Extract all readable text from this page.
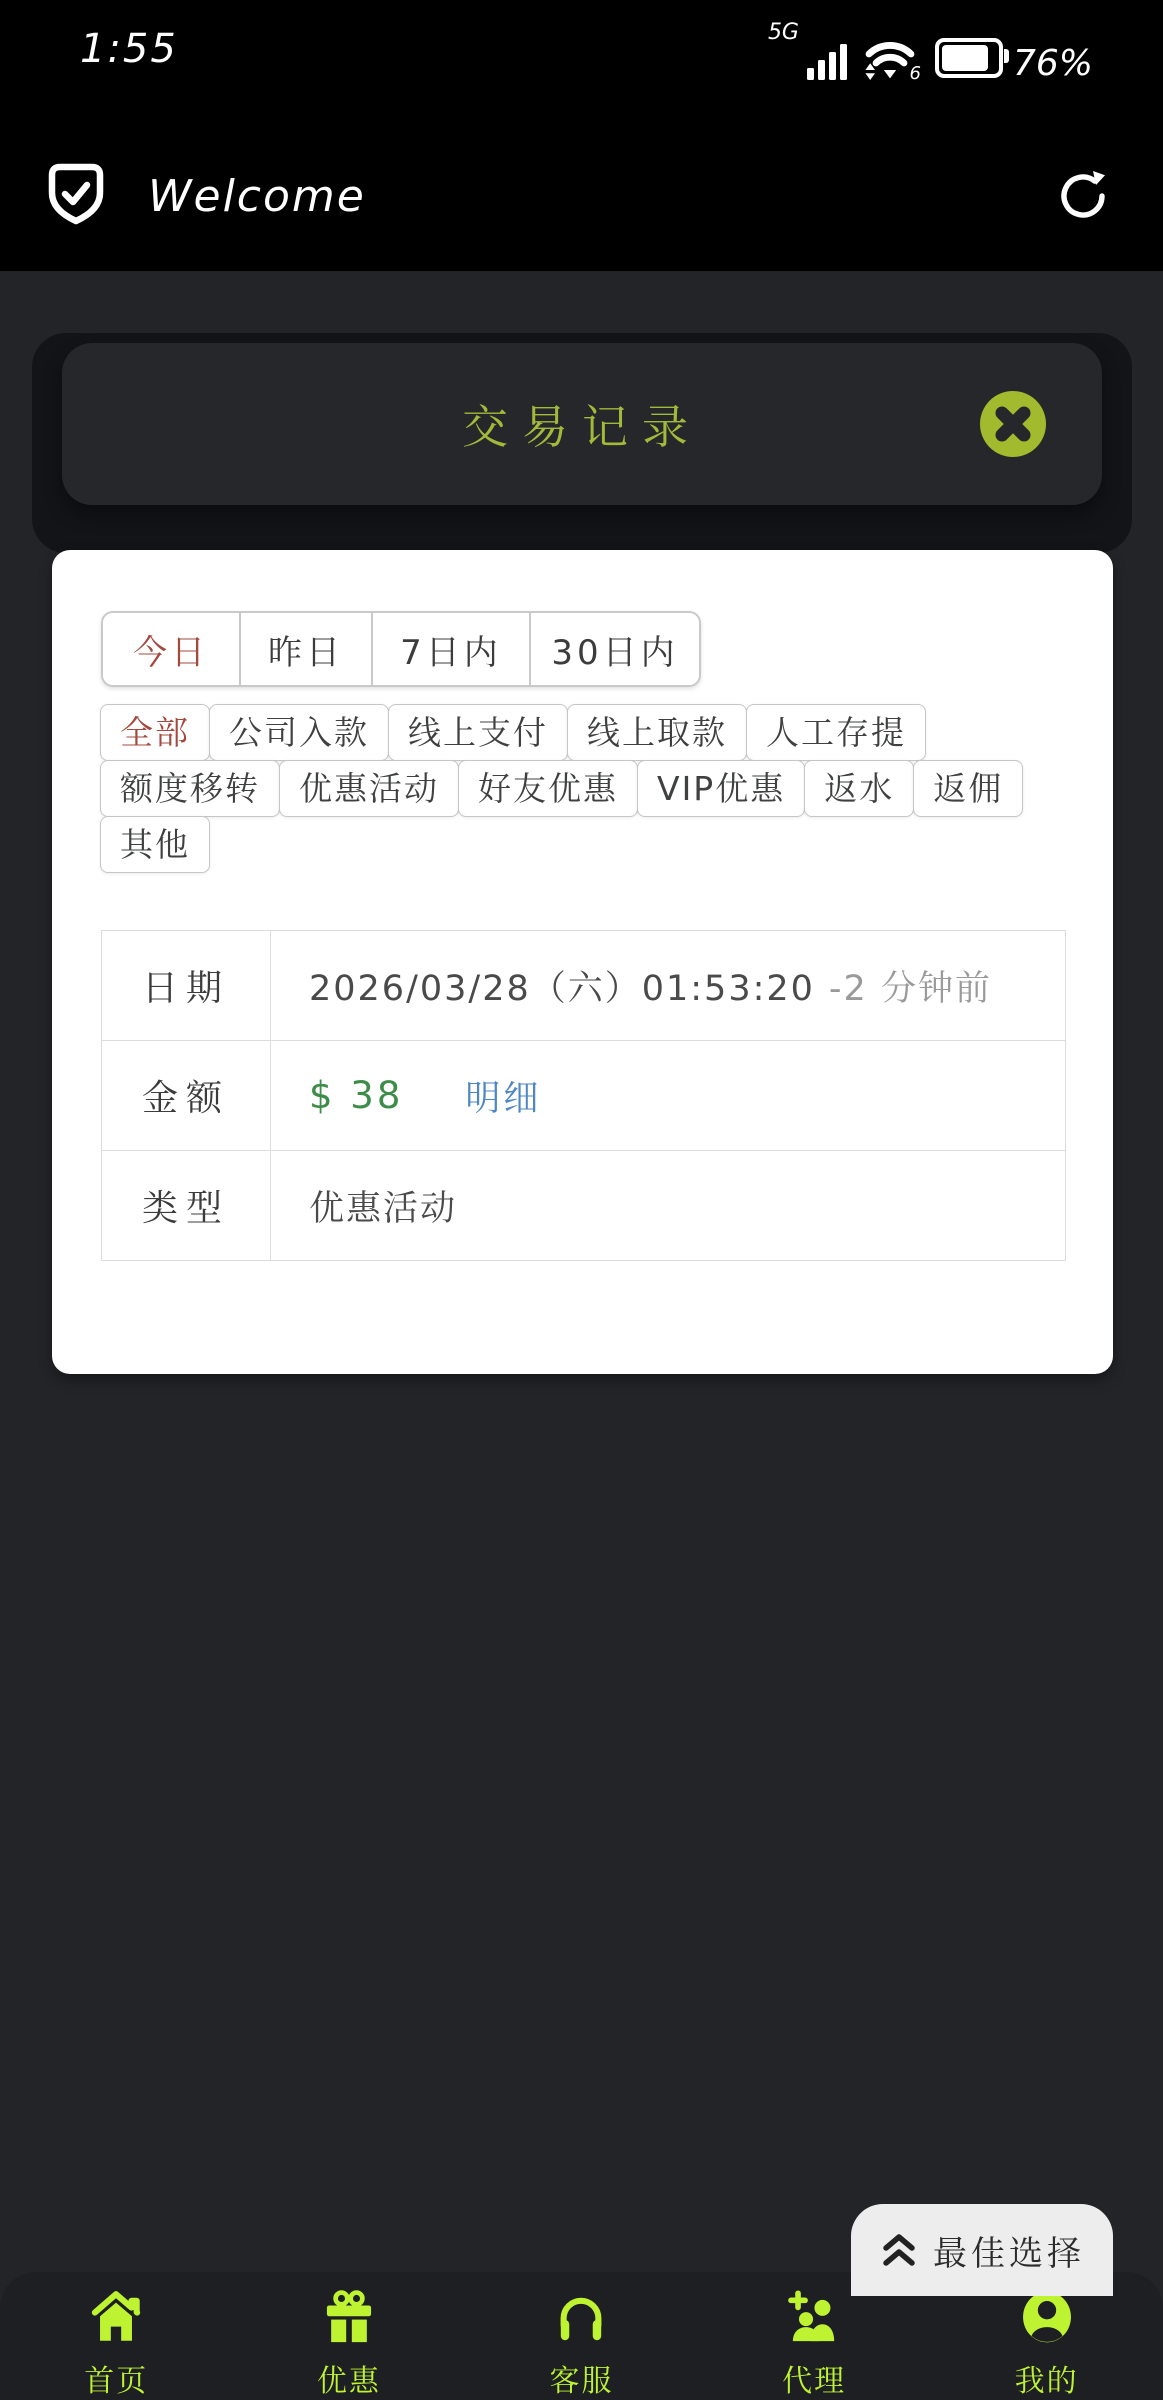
1:55	5G
6	76%
Welcome
交易记录
今日	昨日	7日内	30日内
全部	公司入款	线上支付	线上取款	人工存提
额度移转	优惠活动	好友优惠	VIP优惠	返水	返佣
其他
日期	2026/03/28（六）01:53:20 -2 分钟前
金额	$ 38 明细
类型	优惠活动
最佳选择
首页	优惠	客服	代理	我的
